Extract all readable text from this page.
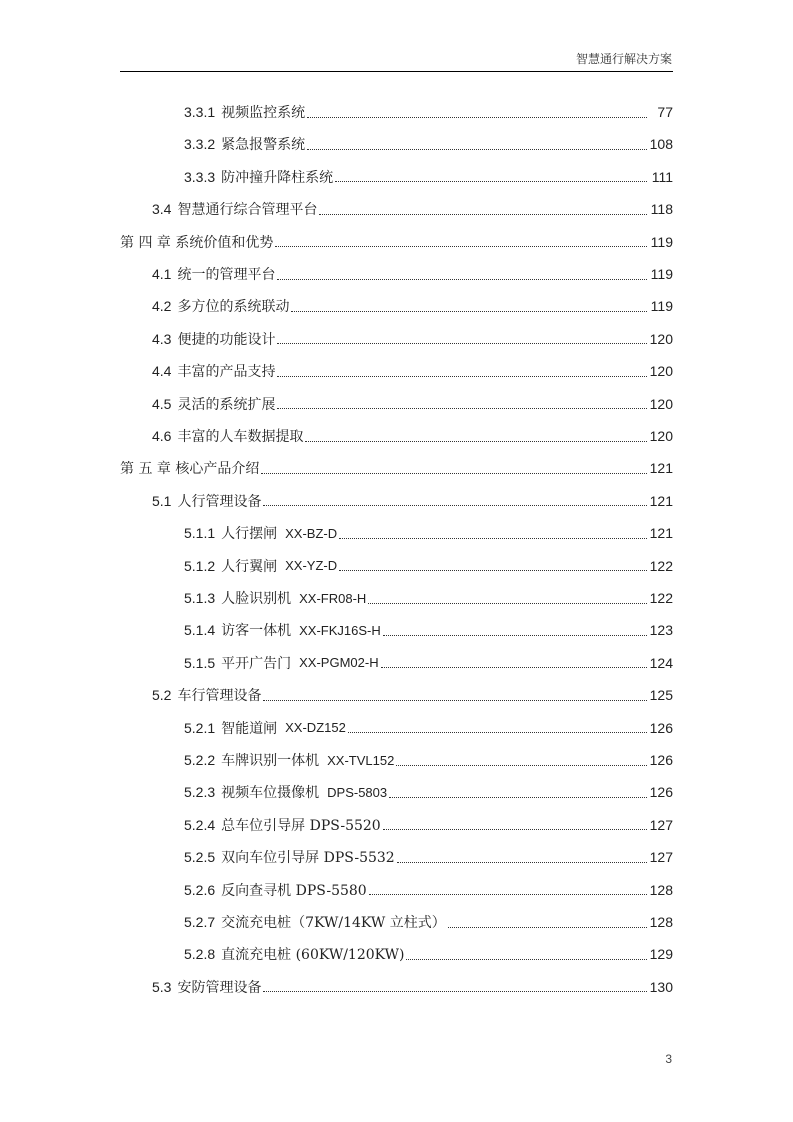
智慧通行解决方案
3.3.1 视频监控系统	77
3.3.2 紧急报警系统	108
3.3.3 防冲撞升降柱系统	111
3.4 智慧通行综合管理平台	118
第 四 章 系统价值和优势	119
4.1 统一的管理平台	119
4.2 多方位的系统联动	119
4.3 便捷的功能设计	120
4.4 丰富的产品支持	120
4.5 灵活的系统扩展	120
4.6 丰富的人车数据提取	120
第 五 章 核心产品介绍	121
5.1 人行管理设备	121
5.1.1 人行摆闸 XX-BZ-D	121
5.1.2 人行翼闸 XX-YZ-D	122
5.1.3 人脸识别机 XX-FR08-H	122
5.1.4 访客一体机 XX-FKJ16S-H	123
5.1.5 平开广告门 XX-PGM02-H	124
5.2 车行管理设备	125
5.2.1 智能道闸 XX-DZ152	126
5.2.2 车牌识别一体机 XX-TVL152	126
5.2.3 视频车位摄像机 DPS-5803	126
5.2.4 总车位引导屏 DPS-5520	127
5.2.5 双向车位引导屏 DPS-5532	127
5.2.6 反向查寻机 DPS-5580	128
5.2.7 交流充电桩（7KW/14KW 立柱式）	128
5.2.8 直流充电桩 (60KW/120KW)	129
5.3 安防管理设备	130
3
